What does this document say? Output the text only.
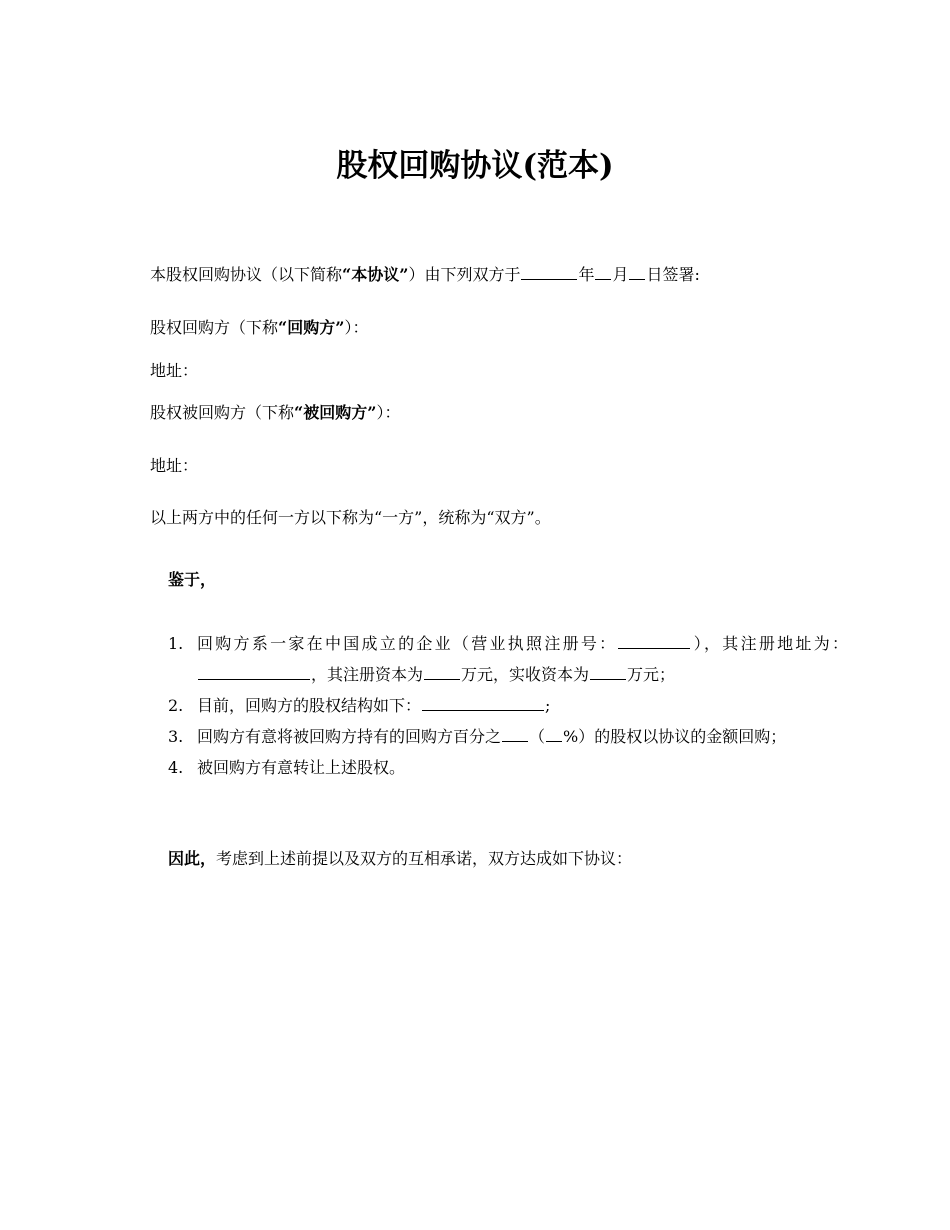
股权回购协议(范本)

本股权回购协议（以下简称“本协议”）由下列双方于	年 月 日签署:

股权回购方（下称“回购方”）：

地址：

股权被回购方（下称“被回购方”）：

地址：

以上两方中的任何一方以下称为“一方”，统称为“双方”。

鉴于，

1. 回购方系一家在中国成立的企业（营业执照注册号：	），其注册地址为：，其注册资本为 万元，实收资本为 万元；
2. 目前，回购方的股权结构如下：	;
3. 回购方有意将被回购方持有的回购方百分之 （ %）的股权以协议的金额回购；
4. 被回购方有意转让上述股权。

因此，考虑到上述前提以及双方的互相承诺，双方达成如下协议：
